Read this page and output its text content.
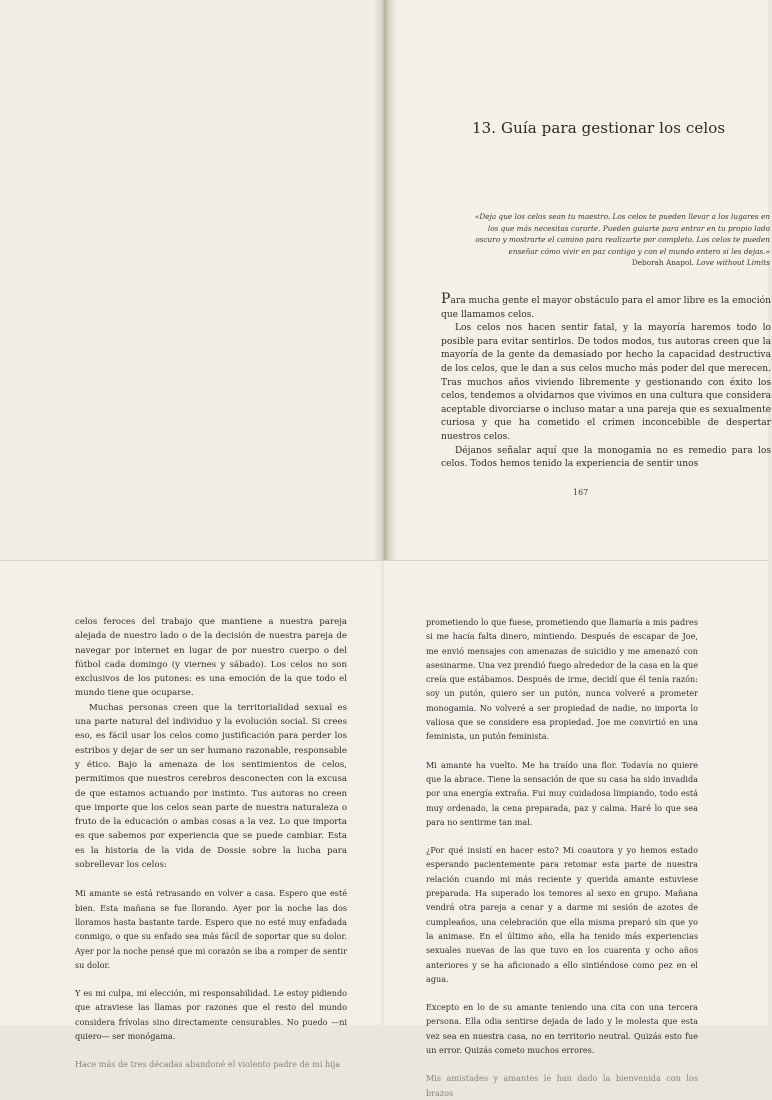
13. Guía para gestionar los celos
«Deja que los celos sean tu maestro. Los celos te pueden llevar a los lugares en los que más necesitas curarte. Pueden guiarte para entrar en tu propio lado oscuro y mostrarte el camino para realizarte por completo. Los celos te pueden enseñar cómo vivir en paz contigo y con el mundo entero si les dejas.»
Deborah Anapol. Love without Limits

Para mucha gente el mayor obstáculo para el amor libre es la emoción que llamamos celos.

Los celos nos hacen sentir fatal, y la mayoría haremos todo lo posible para evitar sentirlos. De todos modos, tus autoras creen que la mayoría de la gente da demasiado por hecho la capacidad destructiva de los celos, que le dan a sus celos mucho más poder del que merecen. Tras muchos años viviendo libremente y gestionando con éxito los celos, tendemos a olvidarnos que vivimos en una cultura que considera aceptable divorciarse o incluso matar a una pareja que es sexualmente curiosa y que ha cometido el crimen inconcebible de despertar nuestros celos.

Déjanos señalar aquí que la monogamia no es remedio para los celos. Todos hemos tenido la experiencia de sentir unos

167

celos feroces del trabajo que mantiene a nuestra pareja alejada de nuestro lado o de la decisión de nuestra pareja de navegar por internet en lugar de por nuestro cuerpo o del fútbol cada domingo (y viernes y sábado). Los celos no son exclusivos de los putones: es una emoción de la que todo el mundo tiene que ocuparse.

Muchas personas creen que la territorialidad sexual es una parte natural del individuo y la evolución social. Si crees eso, es fácil usar los celos como justificación para perder los estribos y dejar de ser un ser humano razonable, responsable y ético. Bajo la amenaza de los sentimientos de celos, permitimos que nuestros cerebros desconecten con la excusa de que estamos actuando por instinto. Tus autoras no creen que importe que los celos sean parte de nuestra naturaleza o fruto de la educación o ambas cosas a la vez. Lo que importa es que sabemos por experiencia que se puede cambiar. Esta es la historia de la vida de Dossie sobre la lucha para sobrellevar los celos:

Mi amante se está retrasando en volver a casa. Espero que esté bien. Esta mañana se fue llorando. Ayer por la noche las dos lloramos hasta bastante tarde. Espero que no esté muy enfadada conmigo, o que su enfado sea más fácil de soportar que su dolor. Ayer por la noche pensé que mi corazón se iba a romper de sentir su dolor.

Y es mi culpa, mi elección, mi responsabilidad. Le estoy pidiendo que atraviese las llamas por razones que el resto del mundo considera frívolas sino directamente censurables. No puedo —ni quiero— ser monógama.

Hace más de tres décadas abandoné el violento padre de mi hija

prometiendo lo que fuese, prometiendo que llamaría a mis padres si me hacía falta dinero, mintiendo. Después de escapar de Joe, me envió mensajes con amenazas de suicidio y me amenazó con asesinarme. Una vez prendió fuego alrededor de la casa en la que creía que estábamos. Después de irme, decidí que él tenía razón: soy un putón, quiero ser un putón, nunca volveré a prometer monogamia. No volveré a ser propiedad de nadie, no importa lo valiosa que se considere esa propiedad. Joe me convirtió en una feminista, un putón feminista.

Mi amante ha vuelto. Me ha traído una flor. Todavía no quiere que la abrace. Tiene la sensación de que su casa ha sido invadida por una energía extraña. Fui muy cuidadosa limpiando, todo está muy ordenado, la cena preparada, paz y calma. Haré lo que sea para no sentirme tan mal.

¿Por qué insistí en hacer esto? Mi coautora y yo hemos estado esperando pacientemente para retomar esta parte de nuestra relación cuando mi más reciente y querida amante estuviese preparada. Ha superado los temores al sexo en grupo. Mañana vendrá otra pareja a cenar y a darme mi sesión de azotes de cumpleaños, una celebración que ella misma preparó sin que yo la animase. En el último año, ella ha tenido más experiencias sexuales nuevas de las que tuvo en los cuarenta y ocho años anteriores y se ha aficionado a ello sintiéndose como pez en el agua.

Excepto en lo de su amante teniendo una cita con una tercera persona. Ella odia sentirse dejada de lado y le molesta que esta vez sea en nuestra casa, no en territorio neutral. Quizás esto fue un error. Quizás cometo muchos errores.

Mis amistades y amantes le han dado la bienvenida con los brazos
